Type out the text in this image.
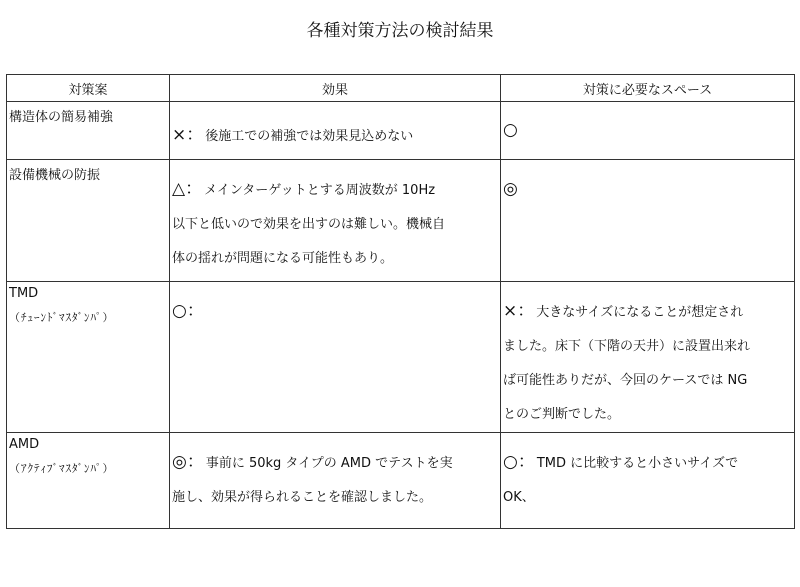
各種対策方法の検討結果
対策案	効果	対策に必要なスペース

構造体の簡易補強	×： 後施工での補強では効果見込めない	○

設備機械の防振	△： メインターゲットとする周波数が 10Hz
以下と低いので効果を出すのは難しい。機械自
体の揺れが問題になる可能性もあり。	◎

TMD
（ﾁｭｰﾝﾄﾞﾏｽﾀﾞﾝﾊﾟ）	○：	×： 大きなサイズになることが想定され
ました。床下（下階の天井）に設置出来れ
ば可能性ありだが、今回のケースでは NG
とのご判断でした。

AMD
（ｱｸﾃｨﾌﾞﾏｽﾀﾞﾝﾊﾟ）	◎： 事前に 50kg タイプの AMD でテストを実
施し、効果が得られることを確認しました。	○： TMD に比較すると小さいサイズで
OK、
